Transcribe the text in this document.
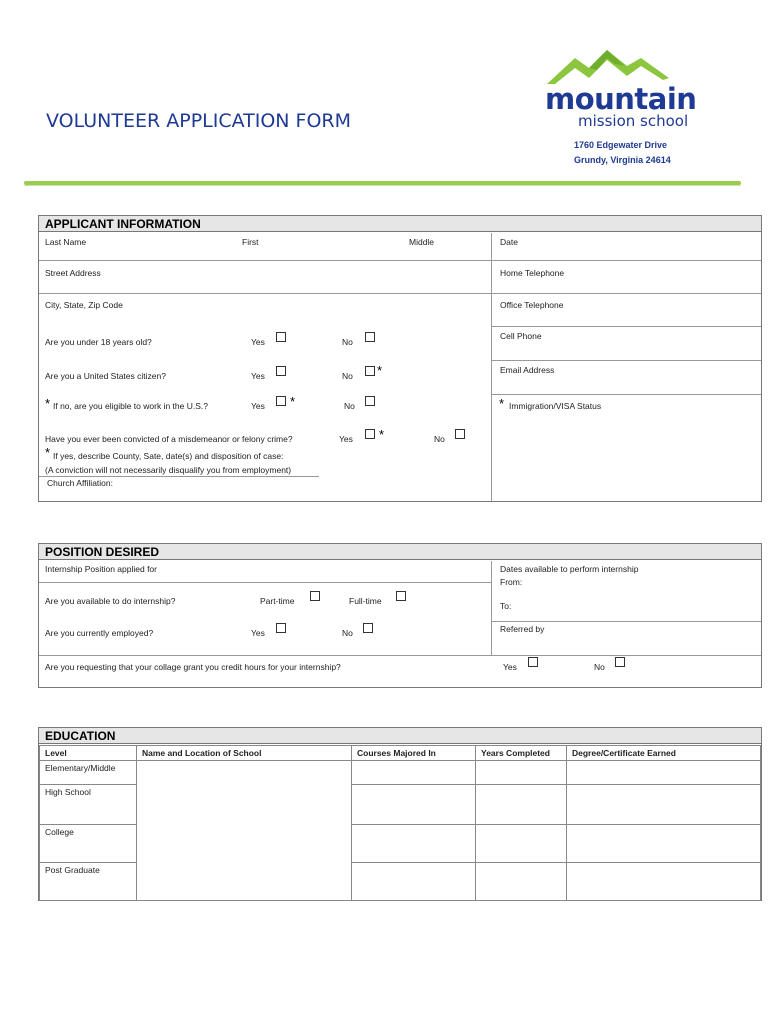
VOLUNTEER APPLICATION FORM
mountain
mission school
1760 Edgewater Drive
Grundy, Virginia 24614
APPLICANT INFORMATION
Last Name	First	Middle	Date
Street Address	Home Telephone
City, State, Zip Code	Office Telephone
Are you under 18 years old?	Yes	No
Cell Phone
Are you a United States citizen?	Yes	No *	Email Address
* If no, are you eligible to work in the U.S.?	Yes *	No	* Immigration/VISA Status
Have you ever been convicted of a misdemeanor or felony crime?	Yes *	No
* If yes, describe County, Sate, date(s) and disposition of case:
(A conviction will not necessarily disqualify you from employment)
Church Affiliation:
POSITION DESIRED
Internship Position applied for	Dates available to perform internship
From:
Are you available to do internship?	Part-time	Full-time	To:
Are you currently employed?	Yes	No	Referred by
Are you requesting that your collage grant you credit hours for your internship?	Yes	No
EDUCATION
Level	Name and Location of School	Courses Majored In	Years Completed	Degree/Certificate Earned
Elementary/Middle				
High School				
College				
Post Graduate				
